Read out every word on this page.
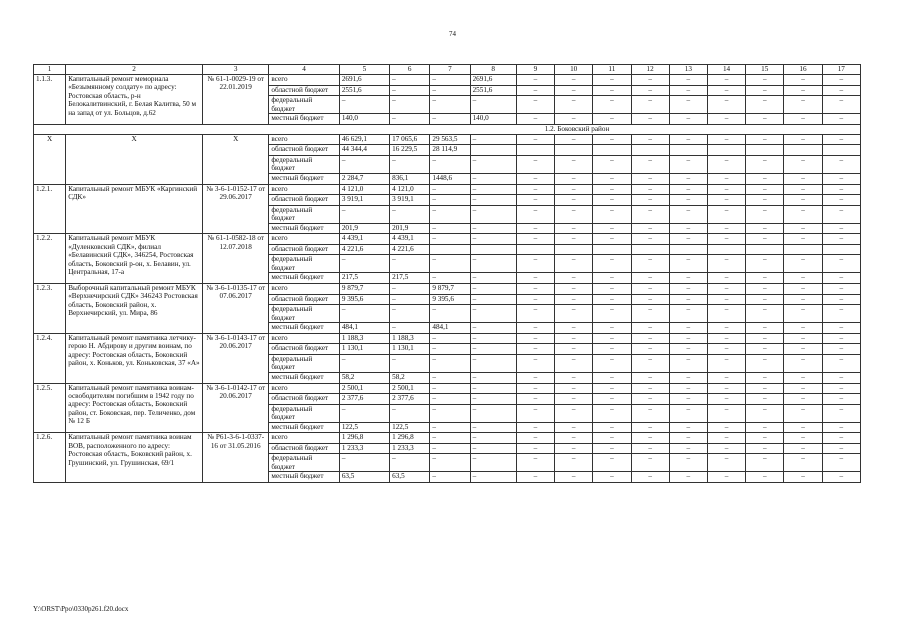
74
1	2	3	4	5	6	7	8	9	10	11	12	13	14	15	16	17
1.1.3.	Капитальный ремонт мемориала «Безымянному солдату» по адресу: Ростовская область, р-н Белокалитвинский, г. Белая Калитва, 50 м на запад от ул. Больцов, д.62	№ 61-1-0029-19 от 22.01.2019	всего	2691,6	–	–	2691,6	–	–	–	–	–	–	–	–	–
			областной бюджет	2551,6	–	–	2551,6	–	–	–	–	–	–	–	–	–
			федеральный бюджет	–	–	–	–	–	–	–	–	–	–	–	–	–
			местный бюджет	140,0	–	–	140,0	–	–	–	–	–	–	–	–	–
1.2. Боковский район																
Х	Х	Х	всего	46 629,1	17 065,6	29 563,5	–	–	–	–	–	–	–	–	–	–
			областной бюджет	44 344,4	16 229,5	28 114,9										
			федеральный бюджет	–	–	–	–	–	–	–	–	–	–	–	–	–
			местный бюджет	2 284,7	836,1	1448,6	–	–	–	–	–	–	–	–	–	–
1.2.1.	Капитальный ремонт МБУК «Каргинский СДК»	№ 3-6-1-0152-17 от 29.06.2017	всего	4 121,0	4 121,0	–	–	–	–	–	–	–	–	–	–	–
			областной бюджет	3 919,1	3 919,1	–	–	–	–	–	–	–	–	–	–	–
			федеральный бюджет	–	–	–	–	–	–	–	–	–	–	–	–	–
			местный бюджет	201,9	201,9	–	–	–	–	–	–	–	–	–	–	–
1.2.2.	Капитальный ремонт МБУК «Дуленковский СДК», филиал «Белавинский СДК», 346254, Ростовская область, Боковский р-он, х. Белавин, ул. Центральная, 17-а	№ 61-1-0582-18 от 12.07.2018	всего	4 439,1	4 439,1	–	–	–	–	–	–	–	–	–	–	–
			областной бюджет	4 221,6	4 221,6											
			федеральный бюджет	–	–	–	–	–	–	–	–	–	–	–	–	–
			местный бюджет	217,5	217,5	–	–	–	–	–	–	–	–	–	–	–
1.2.3.	Выборочный капитальный ремонт МБУК «Верхнечирский СДК» 346243 Ростовская область, Боковский район, х. Верхнечирский, ул. Мира, 86	№ 3-6-1-0135-17 от 07.06.2017	всего	9 879,7	–	9 879,7	–	–	–	–	–	–	–	–	–	–
			областной бюджет	9 395,6	–	9 395,6	–	–	–	–	–	–	–	–	–	–
			федеральный бюджет	–	–	–	–	–	–	–	–	–	–	–	–	–
			местный бюджет	484,1	–	484,1	–	–	–	–	–	–	–	–	–	–
1.2.4.	Капитальный ремонт памятника летчику-герою Н. Абдирову и другим воинам, по адресу: Ростовская область, Боковский район, х. Коньков, ул. Коньковская, 37 «А»	№ 3-6-1-0143-17 от 20.06.2017	всего	1 188,3	1 188,3	–	–	–	–	–	–	–	–	–	–	–
			областной бюджет	1 130,1	1 130,1	–	–	–	–	–	–	–	–	–	–	–
			федеральный бюджет	–	–	–	–	–	–	–	–	–	–	–	–	–
			местный бюджет	58,2	58,2	–	–	–	–	–	–	–	–	–	–	–
1.2.5.	Капитальный ремонт памятника воинам-освободителям погибшим в 1942 году по адресу: Ростовская область, Боковский район, ст. Боковская, пер. Теличенко, дом № 12 Б	№ 3-6-1-0142-17 от 20.06.2017	всего	2 500,1	2 500,1	–	–	–	–	–	–	–	–	–	–	–
			областной бюджет	2 377,6	2 377,6	–	–	–	–	–	–	–	–	–	–	–
			федеральный бюджет	–	–	–	–	–	–	–	–	–	–	–	–	–
			местный бюджет	122,5	122,5	–	–	–	–	–	–	–	–	–	–	–
1.2.6.	Капитальный ремонт памятника воинам ВОВ, расположенного по адресу: Ростовская область, Боковский район, х. Грушинский, ул. Грушинская, 69/1	№ Р61-3-6-1-0337-16 от 31.05.2016	всего	1 296,8	1 296,8	–	–	–	–	–	–	–	–	–	–	–
			областной бюджет	1 233,3	1 233,3	–	–	–	–	–	–	–	–	–	–	–
			федеральный бюджет	–	–	–	–	–	–	–	–	–	–	–	–	–
			местный бюджет	63,5	63,5	–	–	–	–	–	–	–	–	–	–	–
Y:\ORST\Ppo\0330p261.f20.docx
